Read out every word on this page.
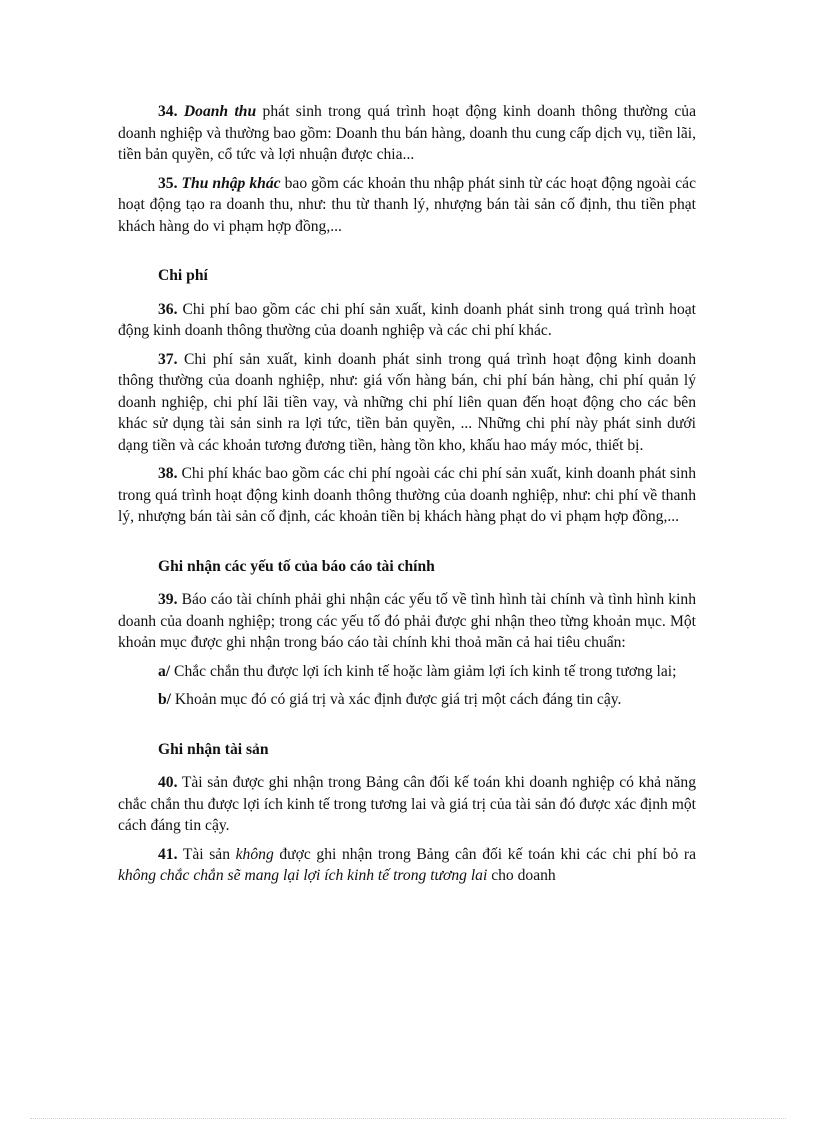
34. Doanh thu phát sinh trong quá trình hoạt động kinh doanh thông thường của doanh nghiệp và thường bao gồm: Doanh thu bán hàng, doanh thu cung cấp dịch vụ, tiền lãi, tiền bản quyền, cổ tức và lợi nhuận được chia...

35. Thu nhập khác bao gồm các khoản thu nhập phát sinh từ các hoạt động ngoài các hoạt động tạo ra doanh thu, như: thu từ thanh lý, nhượng bán tài sản cố định, thu tiền phạt khách hàng do vi phạm hợp đồng,...

Chi phí

36. Chi phí bao gồm các chi phí sản xuất, kinh doanh phát sinh trong quá trình hoạt động kinh doanh thông thường của doanh nghiệp và các chi phí khác.

37. Chi phí sản xuất, kinh doanh phát sinh trong quá trình hoạt động kinh doanh thông thường của doanh nghiệp, như: giá vốn hàng bán, chi phí bán hàng, chi phí quản lý doanh nghiệp, chi phí lãi tiền vay, và những chi phí liên quan đến hoạt động cho các bên khác sử dụng tài sản sinh ra lợi tức, tiền bản quyền, ... Những chi phí này phát sinh dưới dạng tiền và các khoản tương đương tiền, hàng tồn kho, khấu hao máy móc, thiết bị.

38. Chi phí khác bao gồm các chi phí ngoài các chi phí sản xuất, kinh doanh phát sinh trong quá trình hoạt động kinh doanh thông thường của doanh nghiệp, như: chi phí về thanh lý, nhượng bán tài sản cố định, các khoản tiền bị khách hàng phạt do vi phạm hợp đồng,...

Ghi nhận các yếu tố của báo cáo tài chính

39. Báo cáo tài chính phải ghi nhận các yếu tố về tình hình tài chính và tình hình kinh doanh của doanh nghiệp; trong các yếu tố đó phải được ghi nhận theo từng khoản mục. Một khoản mục được ghi nhận trong báo cáo tài chính khi thoả mãn cả hai tiêu chuẩn:

a/ Chắc chắn thu được lợi ích kinh tế hoặc làm giảm lợi ích kinh tế trong tương lai;

b/ Khoản mục đó có giá trị và xác định được giá trị một cách đáng tin cậy.

Ghi nhận tài sản

40. Tài sản được ghi nhận trong Bảng cân đối kế toán khi doanh nghiệp có khả năng chắc chắn thu được lợi ích kinh tế trong tương lai và giá trị của tài sản đó được xác định một cách đáng tin cậy.

41. Tài sản không được ghi nhận trong Bảng cân đối kế toán khi các chi phí bỏ ra không chắc chắn sẽ mang lại lợi ích kinh tế trong tương lai cho doanh
